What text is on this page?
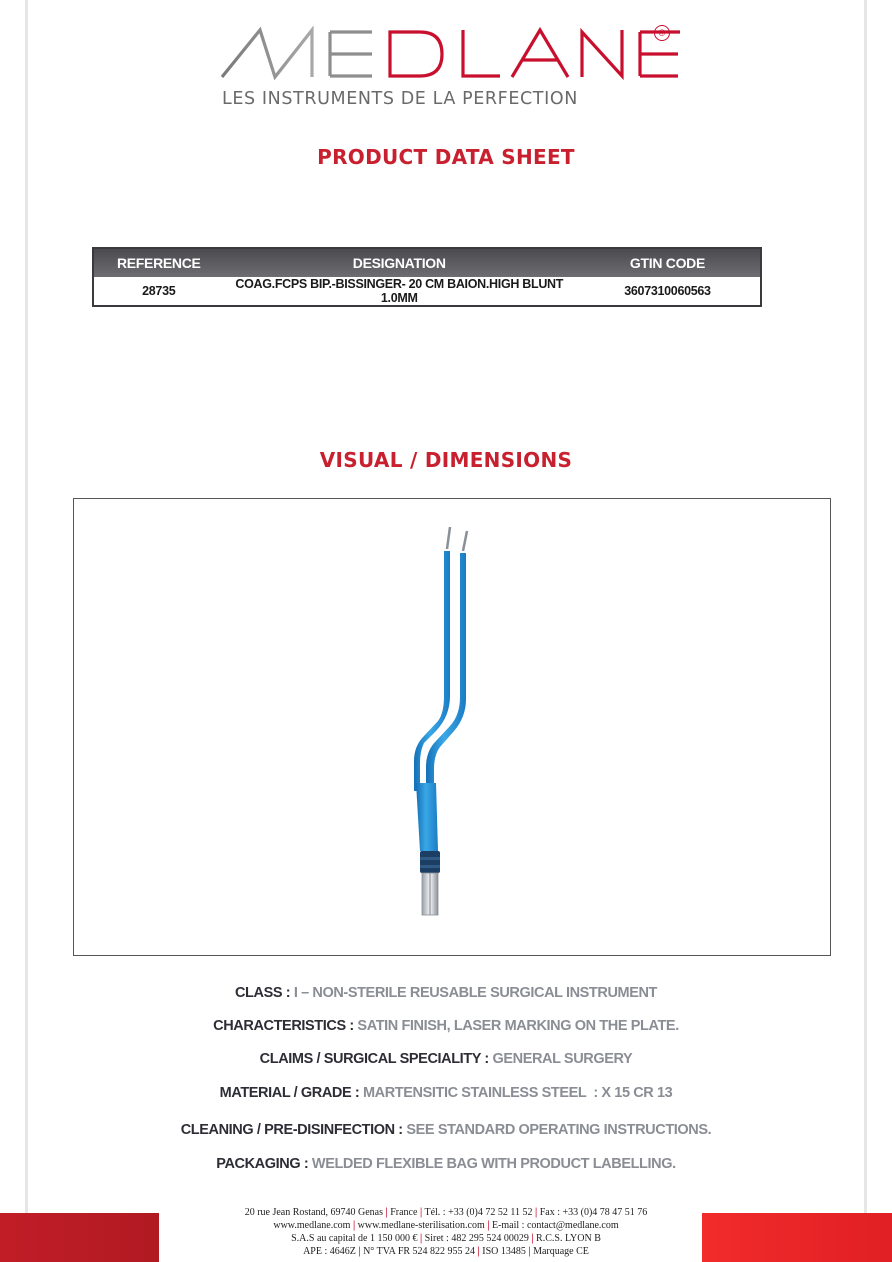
®
LES INSTRUMENTS DE LA PERFECTION
PRODUCT DATA SHEET
REFERENCE	DESIGNATION	GTIN CODE
28735	COAG.FCPS BIP.-BISSINGER- 20 CM BAION.HIGH BLUNT 1.0MM	3607310060563
VISUAL / DIMENSIONS
CLASS : I – NON-STERILE REUSABLE SURGICAL INSTRUMENT
CHARACTERISTICS : SATIN FINISH, LASER MARKING ON THE PLATE.
CLAIMS / SURGICAL SPECIALITY : GENERAL SURGERY
MATERIAL / GRADE : MARTENSITIC STAINLESS STEEL  : X 15 CR 13
CLEANING / PRE-DISINFECTION : SEE STANDARD OPERATING INSTRUCTIONS.
PACKAGING : WELDED FLEXIBLE BAG WITH PRODUCT LABELLING.
20 rue Jean Rostand, 69740 Genas | France | Tél. : +33 (0)4 72 52 11 52 | Fax : +33 (0)4 78 47 51 76
www.medlane.com | www.medlane-sterilisation.com | E-mail : contact@medlane.com
S.A.S au capital de 1 150 000 € | Siret : 482 295 524 00029 | R.C.S. LYON B
APE : 4646Z | N° TVA FR 524 822 955 24 | ISO 13485 | Marquage CE
